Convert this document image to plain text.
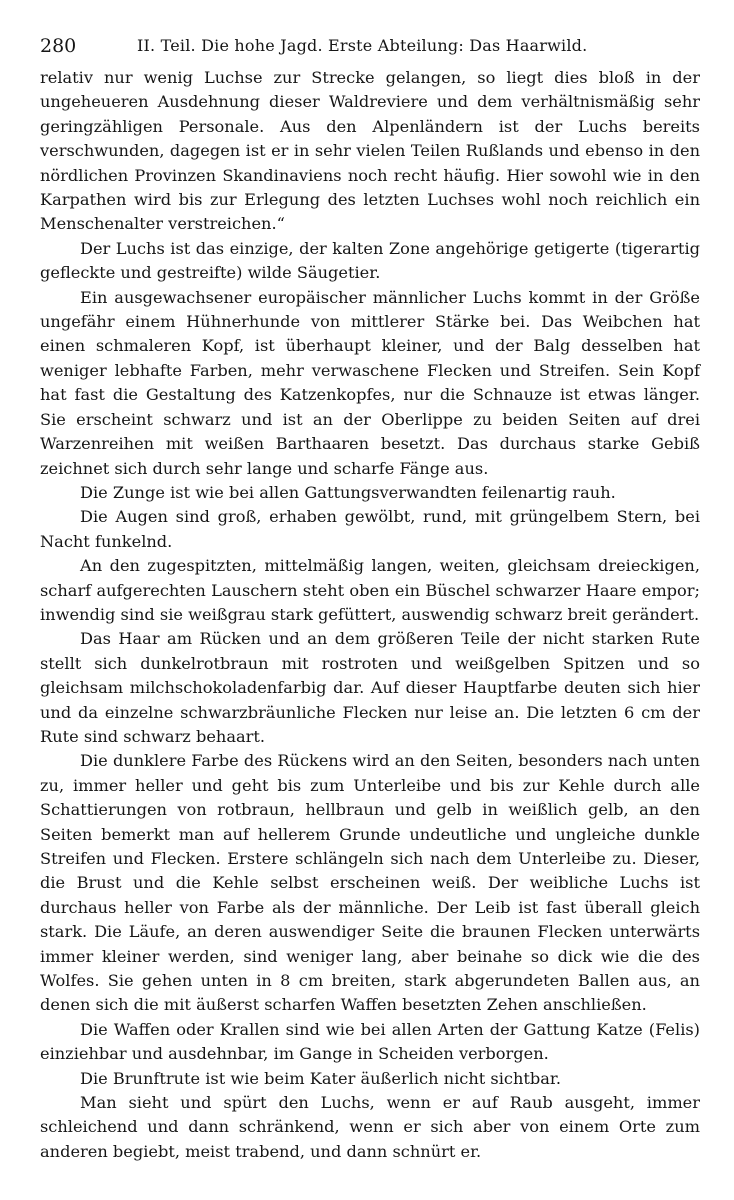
280	II. Teil. Die hohe Jagd. Erste Abteilung: Das Haarwild.

relativ nur wenig Luchse zur Strecke gelangen, so liegt dies bloß in der ungeheueren Ausdehnung dieser Waldreviere und dem verhältnismäßig sehr geringzähligen Personale. Aus den Alpenländern ist der Luchs bereits verschwunden, dagegen ist er in sehr vielen Teilen Rußlands und ebenso in den nördlichen Provinzen Skandinaviens noch recht häufig. Hier sowohl wie in den Karpathen wird bis zur Erlegung des letzten Luchses wohl noch reichlich ein Menschenalter verstreichen.“

Der Luchs ist das einzige, der kalten Zone angehörige getigerte (tigerartig gefleckte und gestreifte) wilde Säugetier.

Ein ausgewachsener europäischer männlicher Luchs kommt in der Größe ungefähr einem Hühnerhunde von mittlerer Stärke bei. Das Weibchen hat einen schmaleren Kopf, ist überhaupt kleiner, und der Balg desselben hat weniger lebhafte Farben, mehr verwaschene Flecken und Streifen. Sein Kopf hat fast die Gestaltung des Katzenkopfes, nur die Schnauze ist etwas länger. Sie erscheint schwarz und ist an der Oberlippe zu beiden Seiten auf drei Warzenreihen mit weißen Barthaaren besetzt. Das durchaus starke Gebiß zeichnet sich durch sehr lange und scharfe Fänge aus.

Die Zunge ist wie bei allen Gattungsverwandten feilenartig rauh.

Die Augen sind groß, erhaben gewölbt, rund, mit grüngelbem Stern, bei Nacht funkelnd.

An den zugespitzten, mittelmäßig langen, weiten, gleichsam dreieckigen, scharf aufgerechten Lauschern steht oben ein Büschel schwarzer Haare empor; inwendig sind sie weißgrau stark gefüttert, auswendig schwarz breit gerändert.

Das Haar am Rücken und an dem größeren Teile der nicht starken Rute stellt sich dunkelrotbraun mit rostroten und weißgelben Spitzen und so gleichsam milchschokoladenfarbig dar. Auf dieser Hauptfarbe deuten sich hier und da einzelne schwarzbräunliche Flecken nur leise an. Die letzten 6 cm der Rute sind schwarz behaart.

Die dunklere Farbe des Rückens wird an den Seiten, besonders nach unten zu, immer heller und geht bis zum Unterleibe und bis zur Kehle durch alle Schattierungen von rotbraun, hellbraun und gelb in weißlich gelb, an den Seiten bemerkt man auf hellerem Grunde undeutliche und ungleiche dunkle Streifen und Flecken. Erstere schlängeln sich nach dem Unterleibe zu. Dieser, die Brust und die Kehle selbst erscheinen weiß. Der weibliche Luchs ist durchaus heller von Farbe als der männliche. Der Leib ist fast überall gleich stark. Die Läufe, an deren auswendiger Seite die braunen Flecken unterwärts immer kleiner werden, sind weniger lang, aber beinahe so dick wie die des Wolfes. Sie gehen unten in 8 cm breiten, stark abgerundeten Ballen aus, an denen sich die mit äußerst scharfen Waffen besetzten Zehen anschließen.

Die Waffen oder Krallen sind wie bei allen Arten der Gattung Katze (Felis) einziehbar und ausdehnbar, im Gange in Scheiden verborgen.

Die Brunftrute ist wie beim Kater äußerlich nicht sichtbar.

Man sieht und spürt den Luchs, wenn er auf Raub ausgeht, immer schleichend und dann schränkend, wenn er sich aber von einem Orte zum anderen begiebt, meist trabend, und dann schnürt er.
